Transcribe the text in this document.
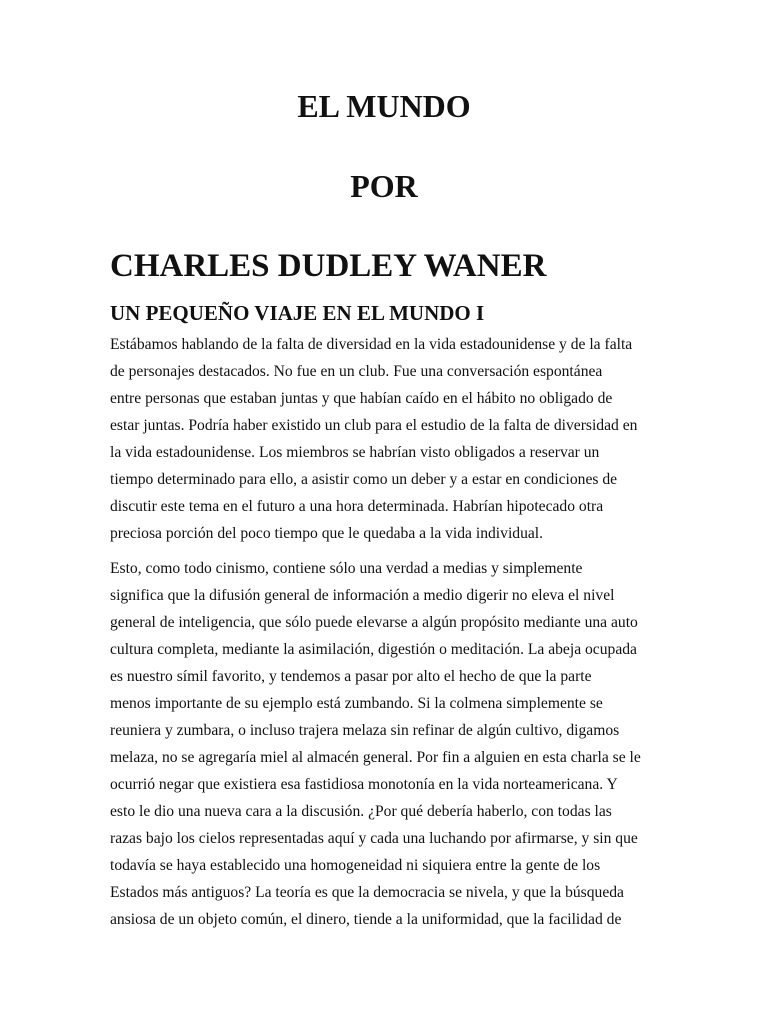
EL MUNDO
POR
CHARLES DUDLEY WANER
UN PEQUEÑO VIAJE EN EL MUNDO I

Estábamos hablando de la falta de diversidad en la vida estadounidense y de la falta
de personajes destacados. No fue en un club. Fue una conversación espontánea
entre personas que estaban juntas y que habían caído en el hábito no obligado de
estar juntas. Podría haber existido un club para el estudio de la falta de diversidad en
la vida estadounidense. Los miembros se habrían visto obligados a reservar un
tiempo determinado para ello, a asistir como un deber y a estar en condiciones de
discutir este tema en el futuro a una hora determinada. Habrían hipotecado otra
preciosa porción del poco tiempo que le quedaba a la vida individual.

Esto, como todo cinismo, contiene sólo una verdad a medias y simplemente
significa que la difusión general de información a medio digerir no eleva el nivel
general de inteligencia, que sólo puede elevarse a algún propósito mediante una auto
cultura completa, mediante la asimilación, digestión o meditación. La abeja ocupada
es nuestro símil favorito, y tendemos a pasar por alto el hecho de que la parte
menos importante de su ejemplo está zumbando. Si la colmena simplemente se
reuniera y zumbara, o incluso trajera melaza sin refinar de algún cultivo, digamos
melaza, no se agregaría miel al almacén general. Por fin a alguien en esta charla se le
ocurrió negar que existiera esa fastidiosa monotonía en la vida norteamericana. Y
esto le dio una nueva cara a la discusión. ¿Por qué debería haberlo, con todas las
razas bajo los cielos representadas aquí y cada una luchando por afirmarse, y sin que
todavía se haya establecido una homogeneidad ni siquiera entre la gente de los
Estados más antiguos? La teoría es que la democracia se nivela, y que la búsqueda
ansiosa de un objeto común, el dinero, tiende a la uniformidad, que la facilidad de
